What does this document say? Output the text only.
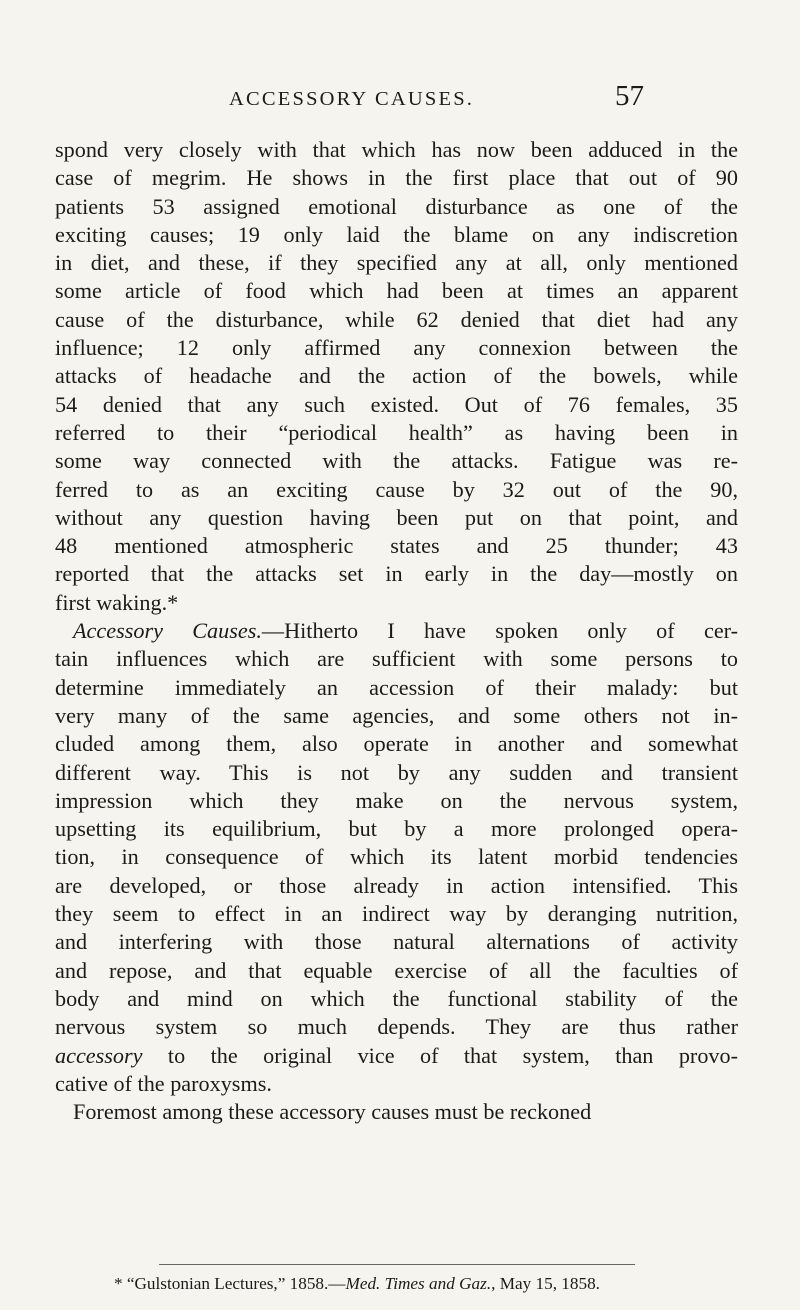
ACCESSORY CAUSES.	57
spond very closely with that which has now been adduced in the
case of megrim. He shows in the first place that out of 90
patients 53 assigned emotional disturbance as one of the
exciting causes; 19 only laid the blame on any indiscretion
in diet, and these, if they specified any at all, only mentioned
some article of food which had been at times an apparent
cause of the disturbance, while 62 denied that diet had any
influence; 12 only affirmed any connexion between the
attacks of headache and the action of the bowels, while
54 denied that any such existed. Out of 76 females, 35
referred to their “periodical health” as having been in
some way connected with the attacks. Fatigue was re-
ferred to as an exciting cause by 32 out of the 90,
without any question having been put on that point, and
48 mentioned atmospheric states and 25 thunder; 43
reported that the attacks set in early in the day—mostly on
first waking.*
Accessory Causes.—Hitherto I have spoken only of cer-
tain influences which are sufficient with some persons to
determine immediately an accession of their malady: but
very many of the same agencies, and some others not in-
cluded among them, also operate in another and somewhat
different way. This is not by any sudden and transient
impression which they make on the nervous system,
upsetting its equilibrium, but by a more prolonged opera-
tion, in consequence of which its latent morbid tendencies
are developed, or those already in action intensified. This
they seem to effect in an indirect way by deranging nutrition,
and interfering with those natural alternations of activity
and repose, and that equable exercise of all the faculties of
body and mind on which the functional stability of the
nervous system so much depends. They are thus rather
accessory to the original vice of that system, than provo-
cative of the paroxysms.
Foremost among these accessory causes must be reckoned
* “Gulstonian Lectures,” 1858.—Med. Times and Gaz., May 15, 1858.
